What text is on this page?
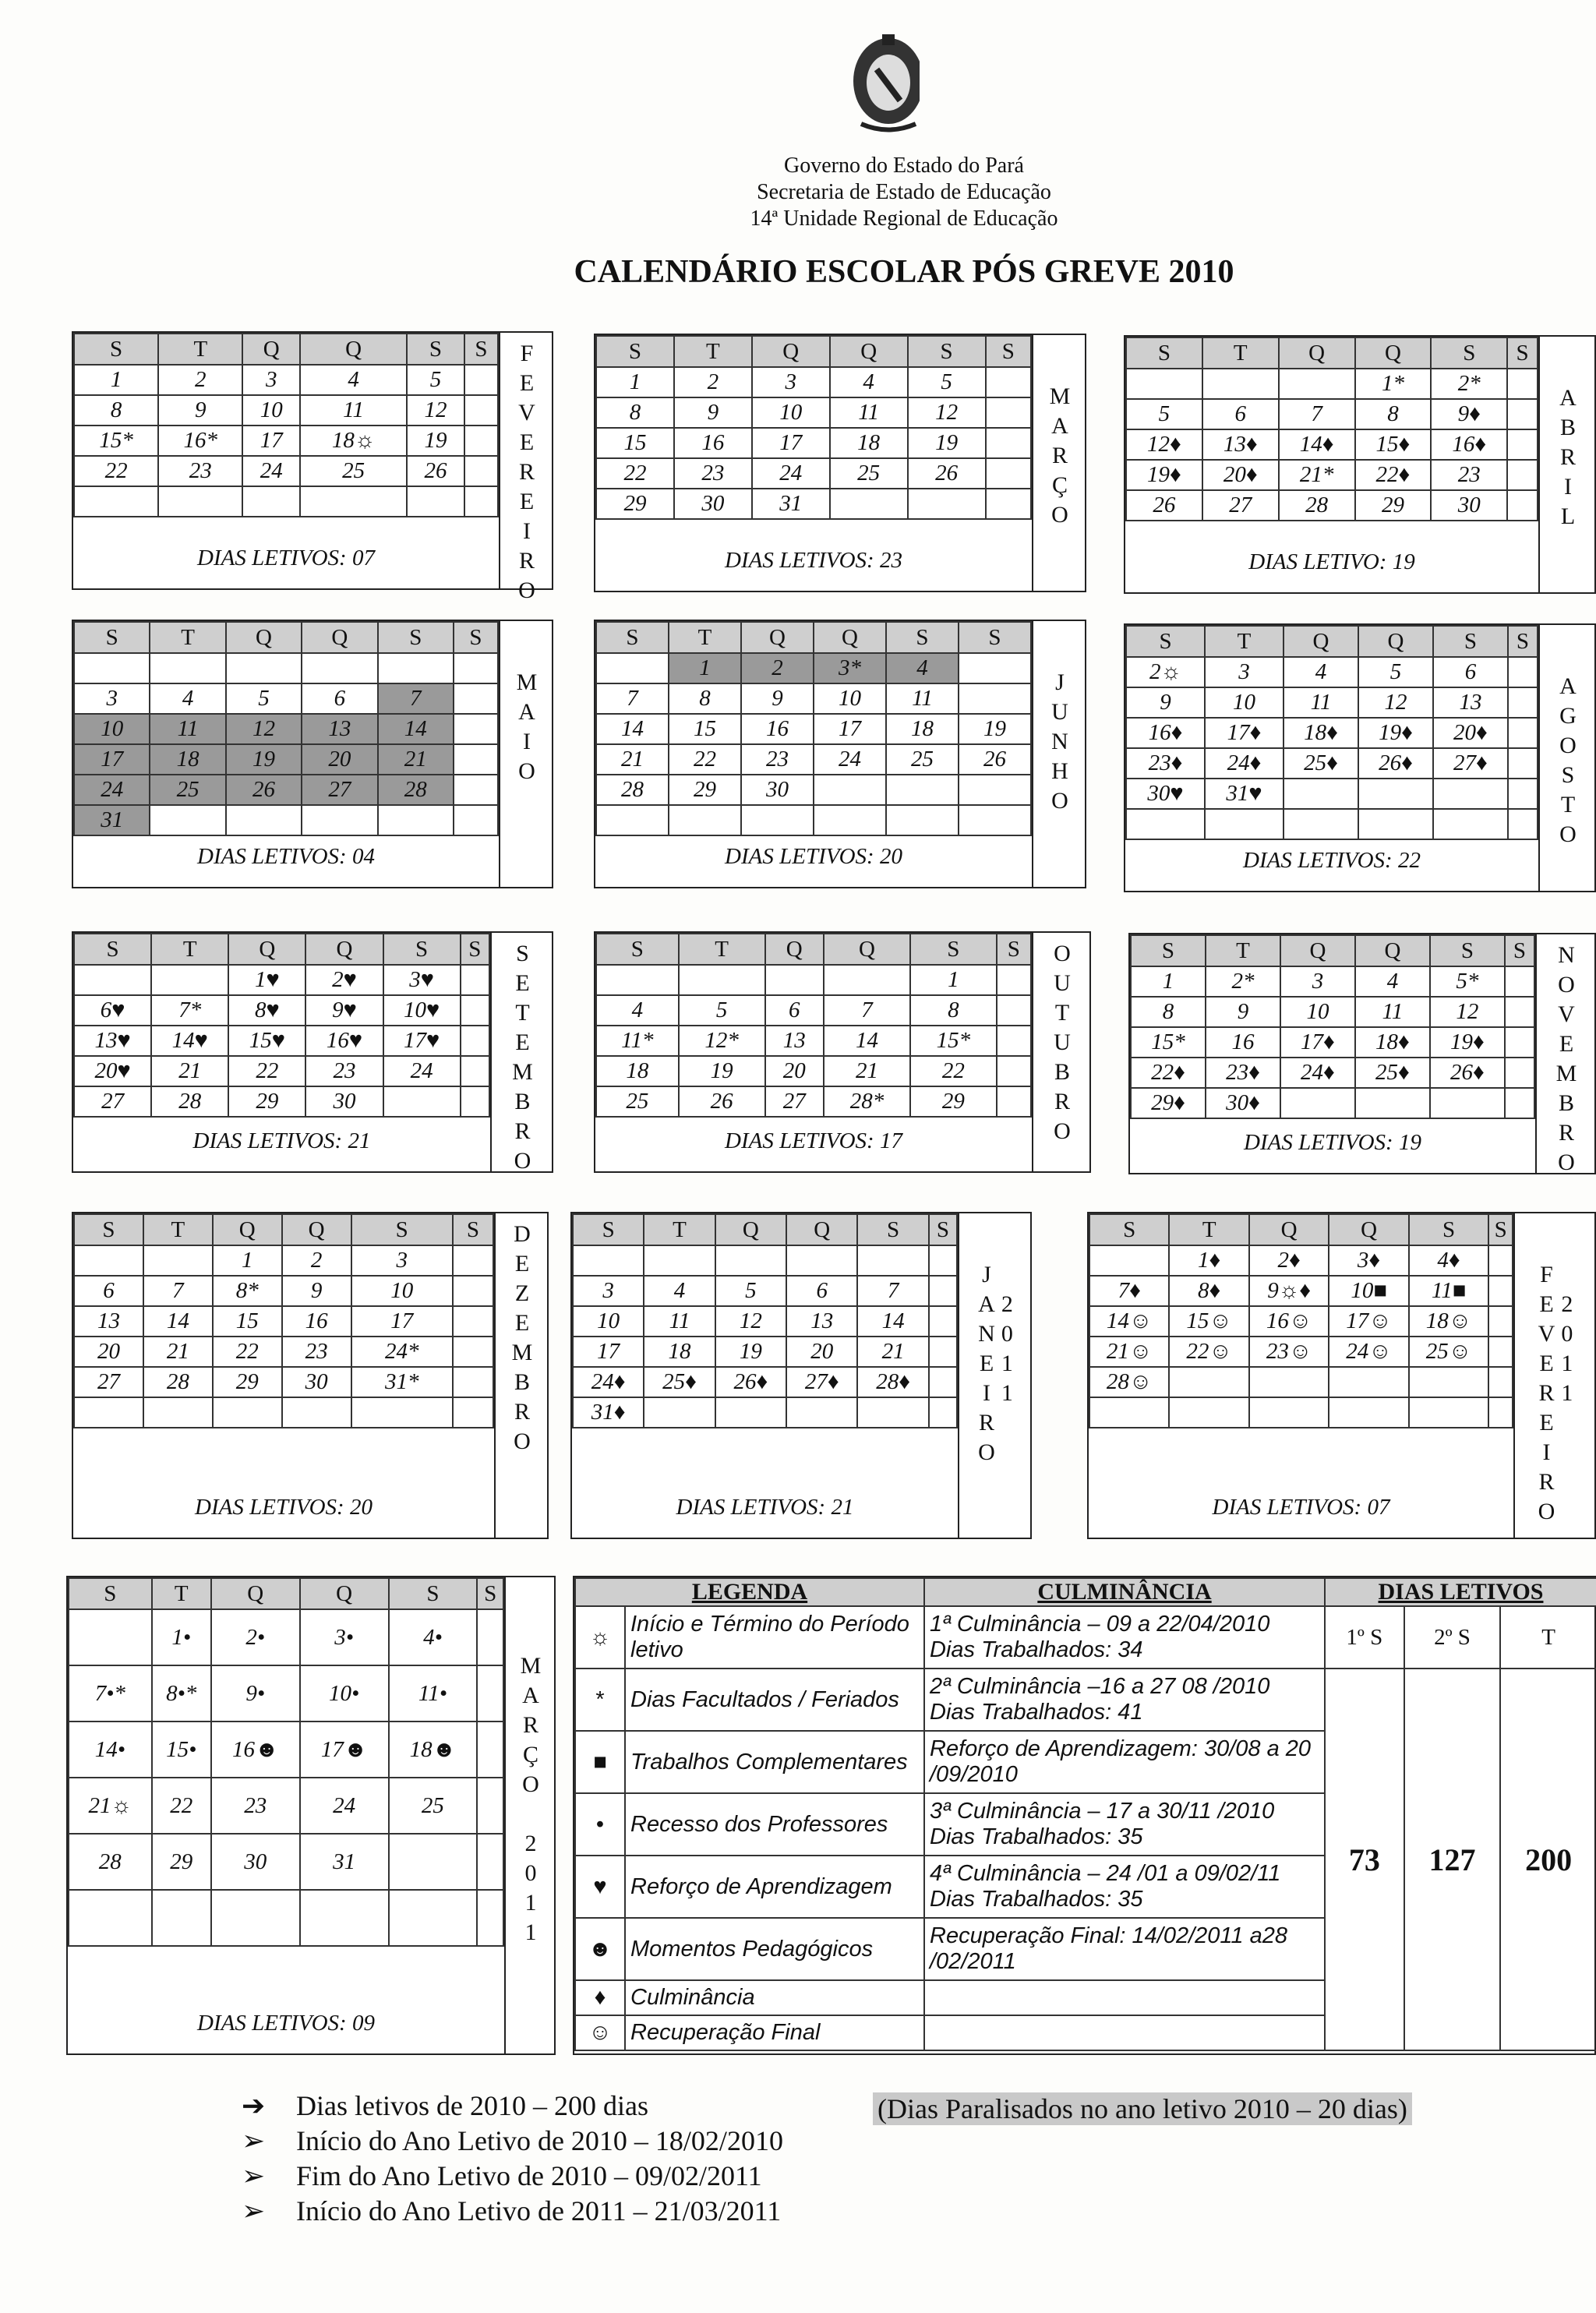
Governo do Estado do Pará
Secretaria de Estado de Educação
14ª Unidade Regional de Educação
CALENDÁRIO ESCOLAR PÓS GREVE 2010
S	T	Q	Q	S	S
1	2	3	4	5	
8	9	10	11	12	
15*	16*	17	18☼	19	
22	23	24	25	26	

DIAS LETIVOS: 07
F
E
V
E
R
E
I
R
O
S	T	Q	Q	S	S
1	2	3	4	5	
8	9	10	11	12	
15	16	17	18	19	
22	23	24	25	26	
29	30	31			
DIAS LETIVOS: 23
M
A
R
Ç
O
S	T	Q	Q	S	S
			1*	2*	
5	6	7	8	9♦	
12♦	13♦	14♦	15♦	16♦	
19♦	20♦	21*	22♦	23	
26	27	28	29	30	
DIAS LETIVO: 19
A
B
R
I
L
S	T	Q	Q	S	S

3	4	5	6	7	
10	11	12	13	14	
17	18	19	20	21	
24	25	26	27	28	
31					
DIAS LETIVOS: 04
M
A
I
O
S	T	Q	Q	S	S
	1	2	3*	4	
7	8	9	10	11	
14	15	16	17	18	19
21	22	23	24	25	26
28	29	30			

DIAS LETIVOS: 20
J
U
N
H
O
S	T	Q	Q	S	S
2☼	3	4	5	6	
9	10	11	12	13	
16♦	17♦	18♦	19♦	20♦	
23♦	24♦	25♦	26♦	27♦	
30♥	31♥				

DIAS LETIVOS: 22
A
G
O
S
T
O
S	T	Q	Q	S	S
		1♥	2♥	3♥	
6♥	7*	8♥	9♥	10♥	
13♥	14♥	15♥	16♥	17♥	
20♥	21	22	23	24	
27	28	29	30		
DIAS LETIVOS: 21
S
E
T
E
M
B
R
O
S	T	Q	Q	S	S
				1	
4	5	6	7	8	
11*	12*	13	14	15*	
18	19	20	21	22	
25	26	27	28*	29	
DIAS LETIVOS: 17
O
U
T
U
B
R
O
S	T	Q	Q	S	S
1	2*	3	4	5*	
8	9	10	11	12	
15*	16	17♦	18♦	19♦	
22♦	23♦	24♦	25♦	26♦	
29♦	30♦				
DIAS LETIVOS: 19
N
O
V
E
M
B
R
O
S	T	Q	Q	S	S
		1	2	3	
6	7	8*	9	10	
13	14	15	16	17	
20	21	22	23	24*	
27	28	29	30	31*	

DIAS LETIVOS: 20
D
E
Z
E
M
B
R
O
S	T	Q	Q	S	S

3	4	5	6	7	
10	11	12	13	14	
17	18	19	20	21	
24♦	25♦	26♦	27♦	28♦	
31♦					
DIAS LETIVOS: 21
J
A
N
E
I
R
O
2
0
1
1
S	T	Q	Q	S	S
	1♦	2♦	3♦	4♦	
7♦	8♦	9☼♦	10■	11■	
14☺	15☺	16☺	17☺	18☺	
21☺	22☺	23☺	24☺	25☺	
28☺					

DIAS LETIVOS: 07
F
E
V
E
R
E
I
R
O
2
0
1
1
S	T	Q	Q	S	S
	1•	2•	3•	4•	
7•*	8•*	9•	10•	11•	
14•	15•	16☻	17☻	18☻	
21☼	22	23	24	25	
28	29	30	31		

DIAS LETIVOS: 09
M
A
R
Ç
O

2
0
1
1
LEGENDA		CULMINÂNCIA	DIAS LETIVOS		
☼	Início e Término do Período letivo	1ª Culminância – 09 a 22/04/2010 Dias Trabalhados: 34	1º S	2º S	T
*	Dias Facultados / Feriados	2ª Culminância –16 a 27 08 /2010 Dias Trabalhados: 41	73	127	200
■	Trabalhos Complementares	Reforço de Aprendizagem: 30/08 a 20 /09/2010			
•	Recesso dos Professores	3ª Culminância – 17 a 30/11 /2010 Dias Trabalhados: 35			
♥	Reforço de Aprendizagem	4ª Culminância – 24 /01 a 09/02/11 Dias Trabalhados: 35			
☻	Momentos Pedagógicos	Recuperação Final: 14/02/2011 a28 /02/2011			
♦	Culminância				
☺	Recuperação Final				
➔ Dias letivos de 2010 – 200 dias
➢ Início do Ano Letivo de 2010 – 18/02/2010
➢ Fim do Ano Letivo de 2010 – 09/02/2011
➢ Início do Ano Letivo de 2011 – 21/03/2011
(Dias Paralisados no ano letivo 2010 – 20 dias)
